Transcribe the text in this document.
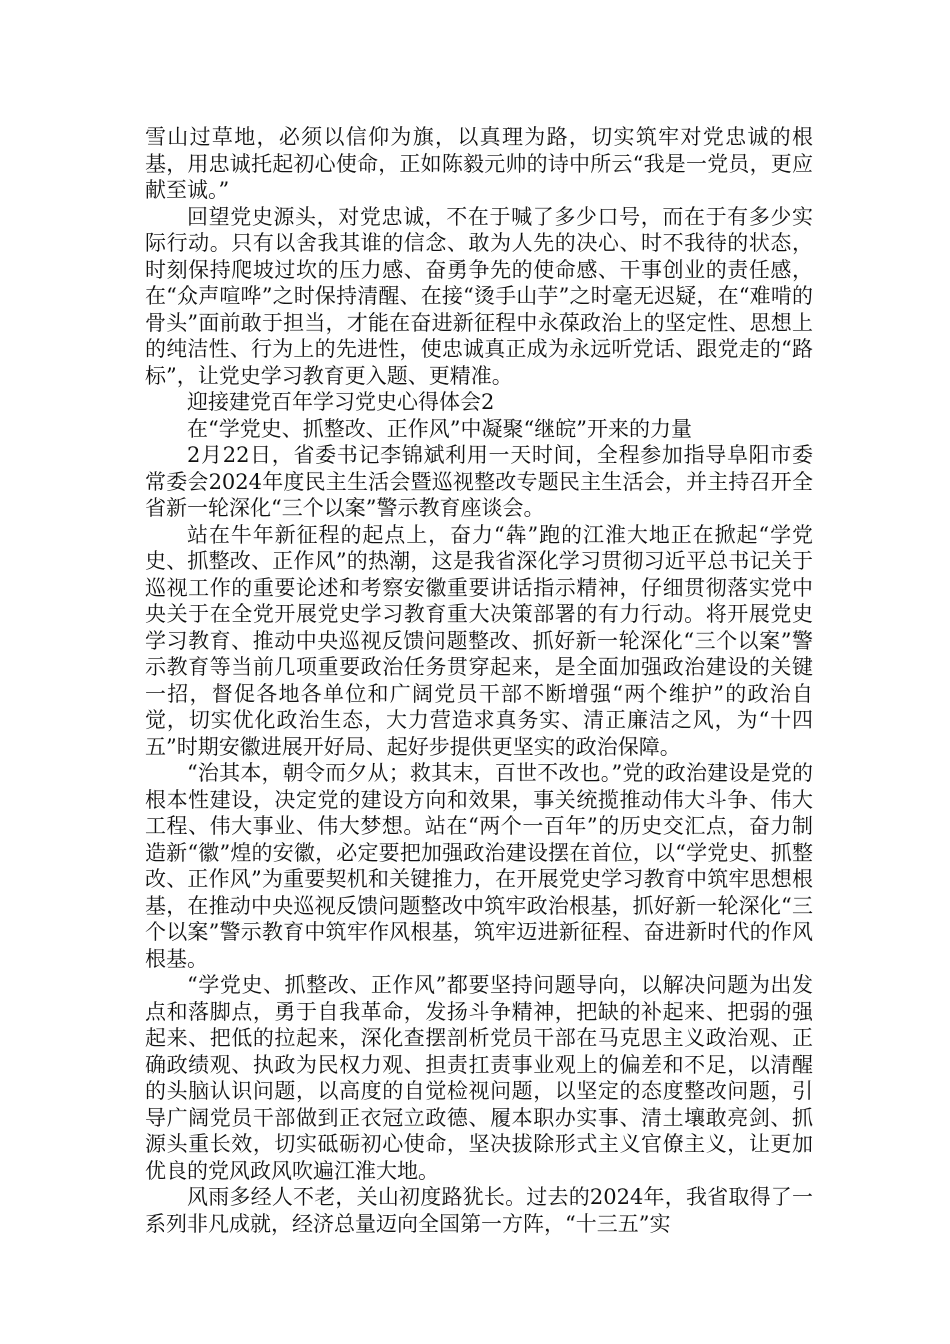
雪山过草地，必须以信仰为旗，以真理为路，切实筑牢对党忠诚的根基，用忠诚托起初心使命，正如陈毅元帅的诗中所云“我是一党员，更应献至诚。”

回望党史源头，对党忠诚，不在于喊了多少口号，而在于有多少实际行动。只有以舍我其谁的信念、敢为人先的决心、时不我待的状态，时刻保持爬坡过坎的压力感、奋勇争先的使命感、干事创业的责任感，在“众声喧哗”之时保持清醒、在接“烫手山芋”之时毫无迟疑，在“难啃的骨头”面前敢于担当，才能在奋进新征程中永葆政治上的坚定性、思想上的纯洁性、行为上的先进性，使忠诚真正成为永远听党话、跟党走的“路标”，让党史学习教育更入题、更精准。

迎接建党百年学习党史心得体会2

在“学党史、抓整改、正作风”中凝聚“继皖”开来的力量

2月22日，省委书记李锦斌利用一天时间，全程参加指导阜阳市委常委会2024年度民主生活会暨巡视整改专题民主生活会，并主持召开全省新一轮深化“三个以案”警示教育座谈会。

站在牛年新征程的起点上，奋力“犇”跑的江淮大地正在掀起“学党史、抓整改、正作风”的热潮，这是我省深化学习贯彻习近平总书记关于巡视工作的重要论述和考察安徽重要讲话指示精神，仔细贯彻落实党中央关于在全党开展党史学习教育重大决策部署的有力行动。将开展党史学习教育、推动中央巡视反馈问题整改、抓好新一轮深化“三个以案”警示教育等当前几项重要政治任务贯穿起来，是全面加强政治建设的关键一招，督促各地各单位和广阔党员干部不断增强“两个维护”的政治自觉，切实优化政治生态，大力营造求真务实、清正廉洁之风，为“十四五”时期安徽进展开好局、起好步提供更坚实的政治保障。

“治其本，朝令而夕从；救其末，百世不改也。”党的政治建设是党的根本性建设，决定党的建设方向和效果，事关统揽推动伟大斗争、伟大工程、伟大事业、伟大梦想。站在“两个一百年”的历史交汇点，奋力制造新“徽”煌的安徽，必定要把加强政治建设摆在首位，以“学党史、抓整改、正作风”为重要契机和关键推力，在开展党史学习教育中筑牢思想根基，在推动中央巡视反馈问题整改中筑牢政治根基，抓好新一轮深化“三个以案”警示教育中筑牢作风根基，筑牢迈进新征程、奋进新时代的作风根基。

“学党史、抓整改、正作风”都要坚持问题导向，以解决问题为出发点和落脚点，勇于自我革命，发扬斗争精神，把缺的补起来、把弱的强起来、把低的拉起来，深化查摆剖析党员干部在马克思主义政治观、正确政绩观、执政为民权力观、担责扛责事业观上的偏差和不足，以清醒的头脑认识问题，以高度的自觉检视问题，以坚定的态度整改问题，引导广阔党员干部做到正衣冠立政德、履本职办实事、清土壤敢亮剑、抓源头重长效，切实砥砺初心使命，坚决拔除形式主义官僚主义，让更加优良的党风政风吹遍江淮大地。

风雨多经人不老，关山初度路犹长。过去的2024年，我省取得了一系列非凡成就，经济总量迈向全国第一方阵，“十三五”实
